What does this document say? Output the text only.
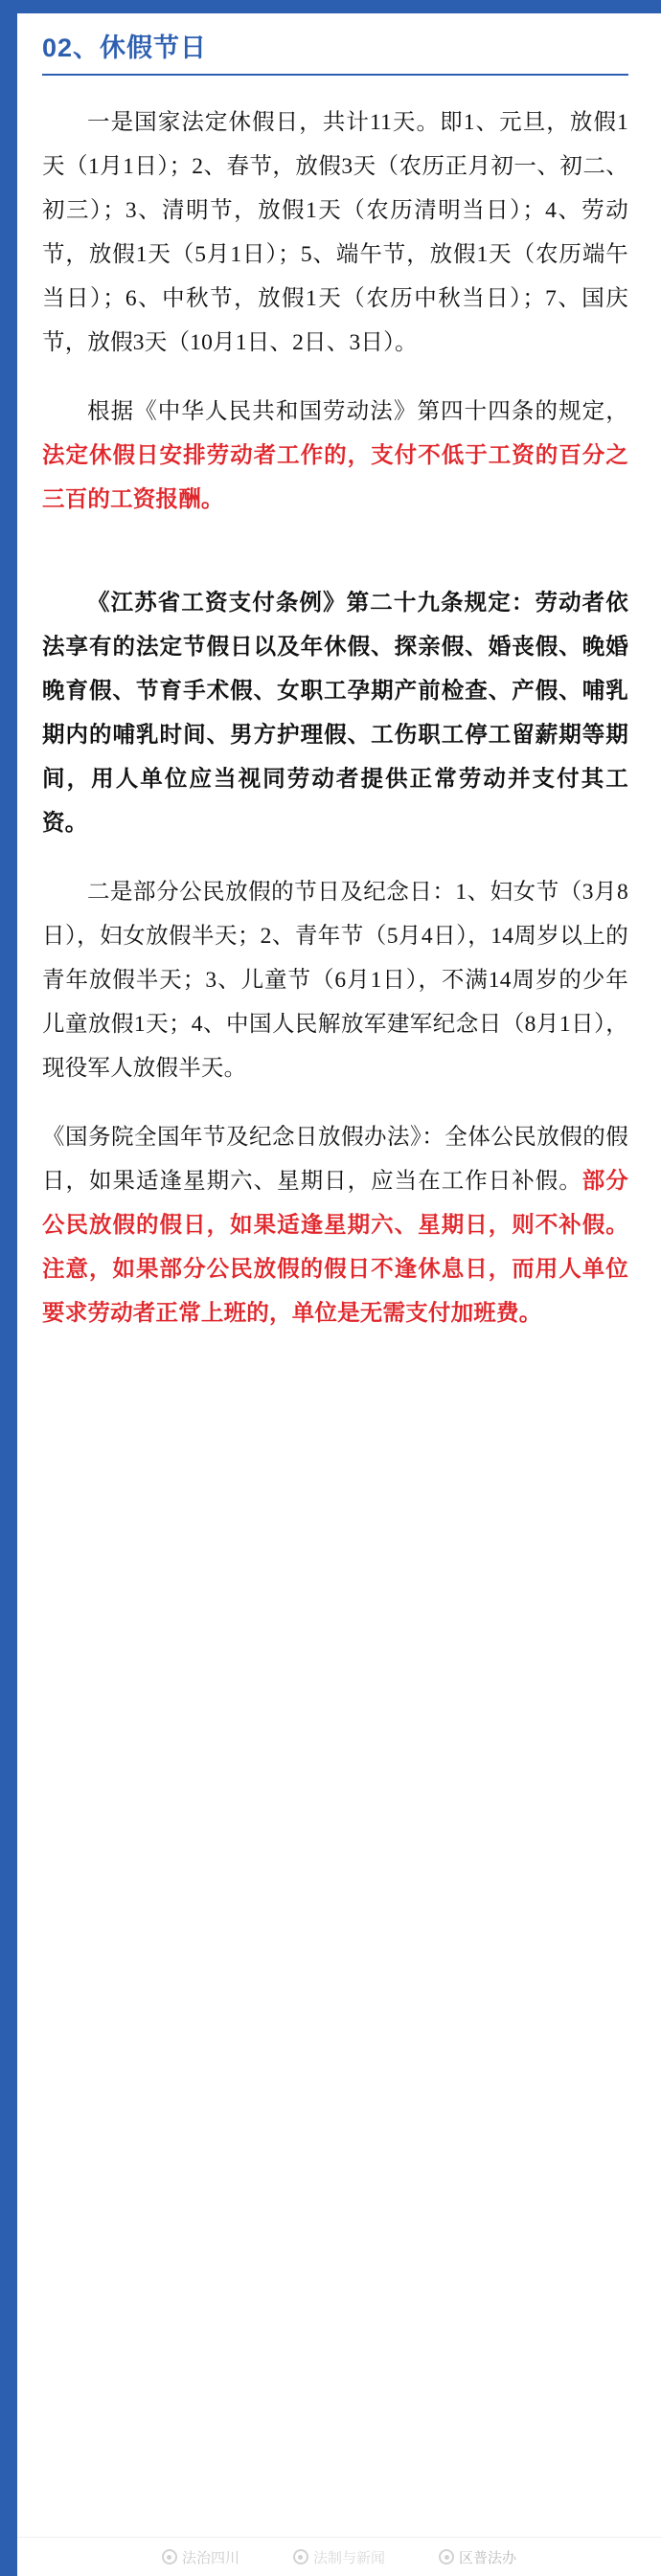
02、休假节日

一是国家法定休假日，共计11天。即1、元旦，放假1天（1月1日）；2、春节，放假3天（农历正月初一、初二、初三）；3、清明节，放假1天（农历清明当日）；4、劳动节，放假1天（5月1日）；5、端午节，放假1天（农历端午当日）；6、中秋节，放假1天（农历中秋当日）；7、国庆节，放假3天（10月1日、2日、3日）。

根据《中华人民共和国劳动法》第四十四条的规定，法定休假日安排劳动者工作的，支付不低于工资的百分之三百的工资报酬。

《江苏省工资支付条例》第二十九条规定：劳动者依法享有的法定节假日以及年休假、探亲假、婚丧假、晚婚晚育假、节育手术假、女职工孕期产前检查、产假、哺乳期内的哺乳时间、男方护理假、工伤职工停工留薪期等期间，用人单位应当视同劳动者提供正常劳动并支付其工资。

二是部分公民放假的节日及纪念日：1、妇女节（3月8日），妇女放假半天；2、青年节（5月4日），14周岁以上的青年放假半天；3、儿童节（6月1日），不满14周岁的少年儿童放假1天；4、中国人民解放军建军纪念日（8月1日），现役军人放假半天。

《国务院全国年节及纪念日放假办法》：全体公民放假的假日，如果适逢星期六、星期日，应当在工作日补假。部分公民放假的假日，如果适逢星期六、星期日，则不补假。注意，如果部分公民放假的假日不逢休息日，而用人单位要求劳动者正常上班的，单位是无需支付加班费。

法治四川	法制与新闻	区普法办
